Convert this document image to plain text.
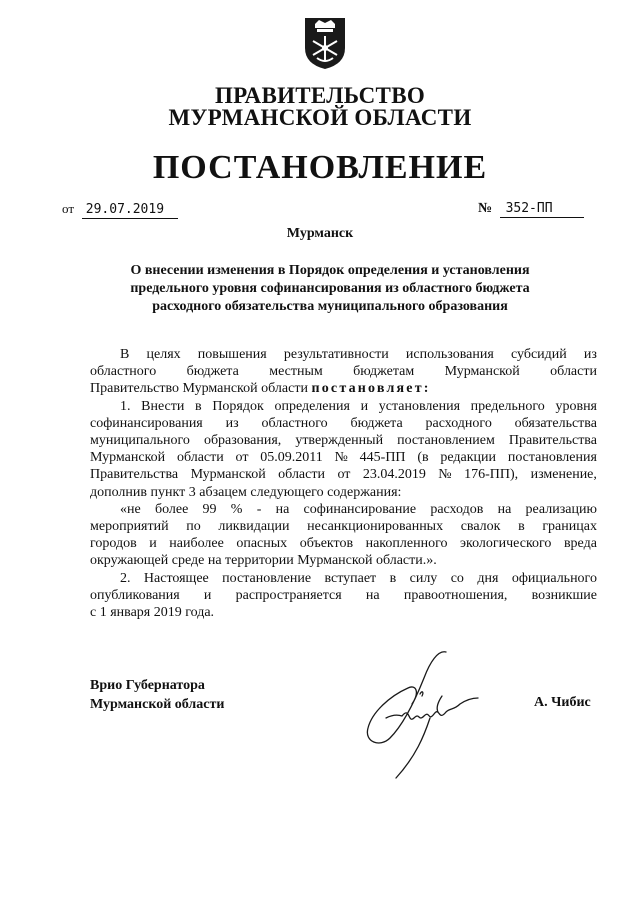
ПРАВИТЕЛЬСТВО
МУРМАНСКОЙ ОБЛАСТИ
ПОСТАНОВЛЕНИЕ
от 29.07.2019	№ 352-ПП
Мурманск
О внесении изменения в Порядок определения и установления
предельного уровня софинансирования из областного бюджета
расходного обязательства муниципального образования
В целях повышения результативности использования субсидий из
областного бюджета местным бюджетам Мурманской области
Правительство Мурманской области постановляет:
1. Внести в Порядок определения и установления предельного уровня
софинансирования из областного бюджета расходного обязательства
муниципального образования, утвержденный постановлением Правительства
Мурманской области от 05.09.2011 № 445-ПП (в редакции постановления
Правительства Мурманской области от 23.04.2019 № 176-ПП), изменение,
дополнив пункт 3 абзацем следующего содержания:
«не более 99 % - на софинансирование расходов на реализацию
мероприятий по ликвидации несанкционированных свалок в границах
городов и наиболее опасных объектов накопленного экологического вреда
окружающей среде на территории Мурманской области.».
2. Настоящее постановление вступает в силу со дня официального
опубликования и распространяется на правоотношения, возникшие
с 1 января 2019 года.
Врио Губернатора
Мурманской области	А. Чибис
